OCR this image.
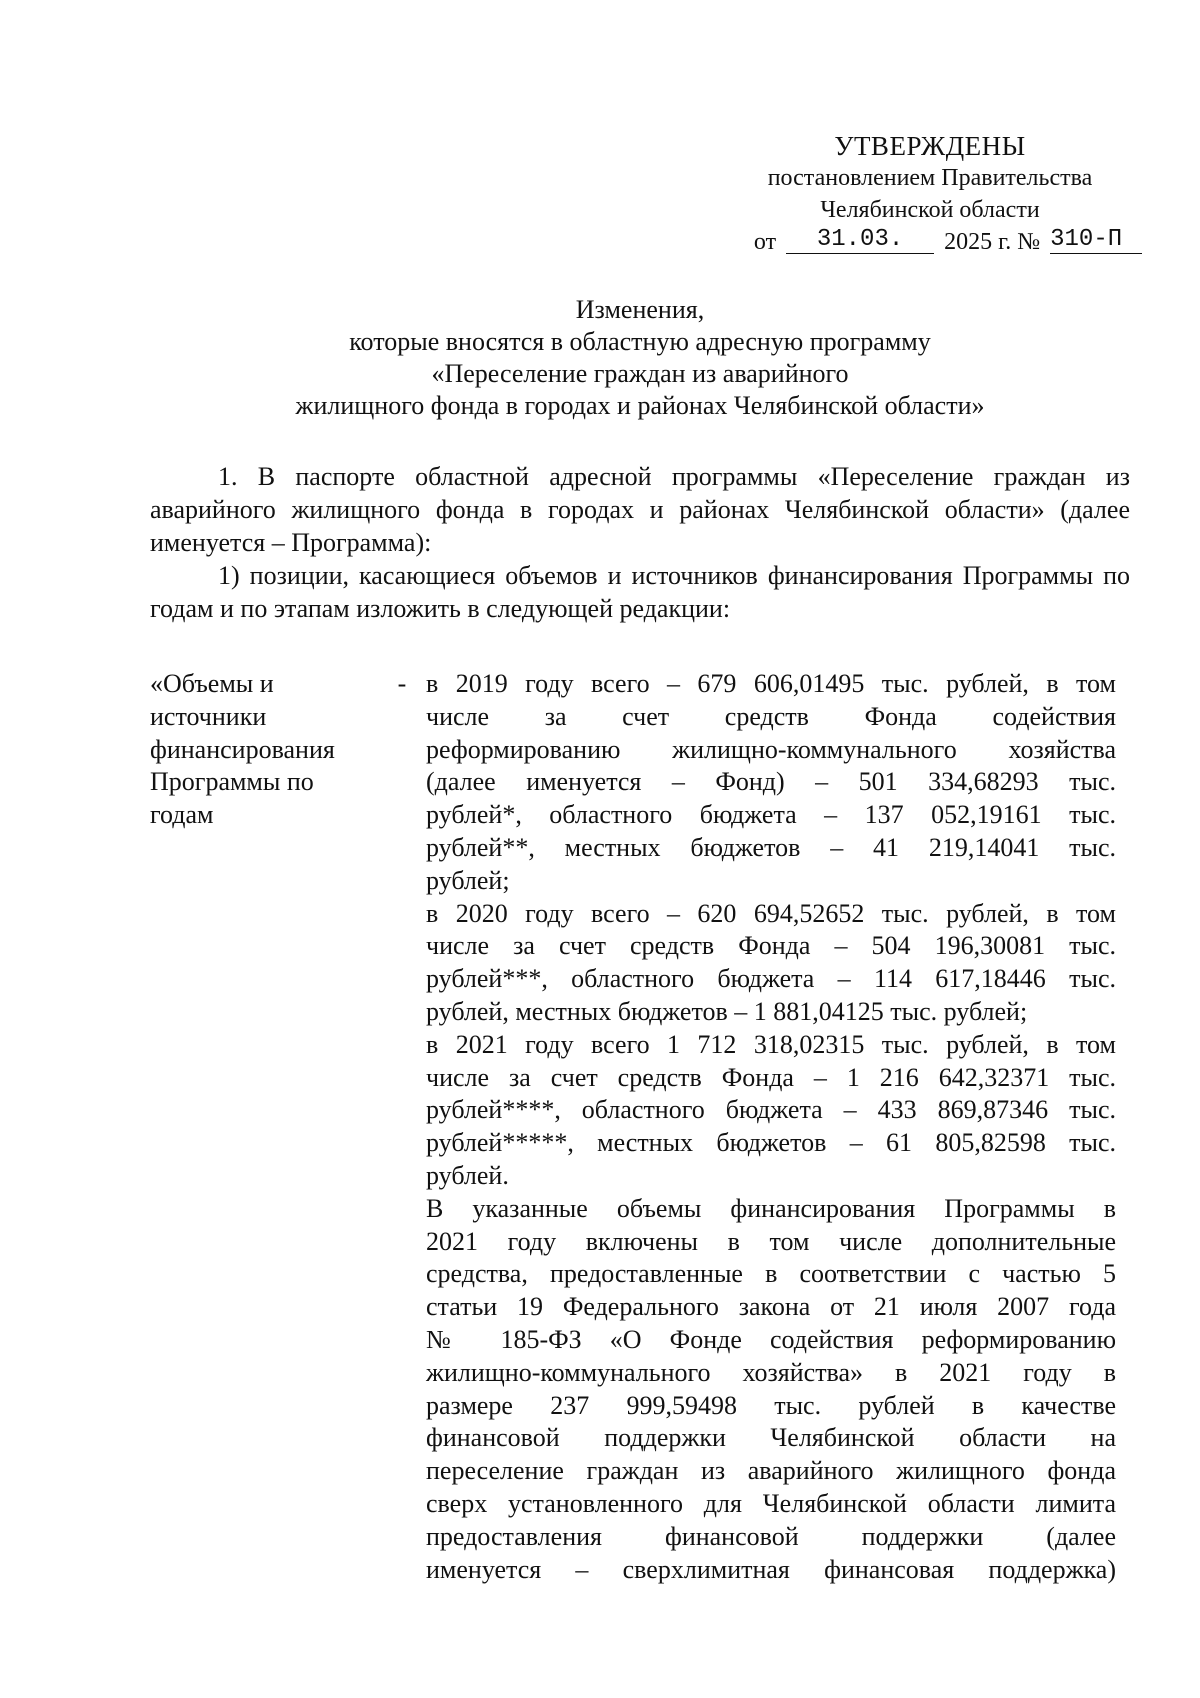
УТВЕРЖДЕНЫ
постановлением Правительства
Челябинской области
от 31.03. 2025 г. № 310-П
Изменения,
которые вносятся в областную адресную программу
«Переселение граждан из аварийного
жилищного фонда в городах и районах Челябинской области»

1. В паспорте областной адресной программы «Переселение граждан из аварийного жилищного фонда в городах и районах Челябинской области» (далее именуется – Программа):

1) позиции, касающиеся объемов и источников финансирования Программы по годам и по этапам изложить в следующей редакции:

«Объемы и
источники
финансирования
Программы по
годам
- в 2019 году всего – 679 606,01495 тыс. рублей, в том
числе за счет средств Фонда содействия
реформированию жилищно-коммунального хозяйства
(далее именуется – Фонд) – 501 334,68293 тыс.
рублей*, областного бюджета – 137 052,19161 тыс.
рублей**, местных бюджетов – 41 219,14041 тыс.
рублей;
в 2020 году всего – 620 694,52652 тыс. рублей, в том
числе за счет средств Фонда – 504 196,30081 тыс.
рублей***, областного бюджета – 114 617,18446 тыс.
рублей, местных бюджетов – 1 881,04125 тыс. рублей;
в 2021 году всего 1 712 318,02315 тыс. рублей, в том
числе за счет средств Фонда – 1 216 642,32371 тыс.
рублей****, областного бюджета – 433 869,87346 тыс.
рублей*****, местных бюджетов – 61 805,82598 тыс.
рублей.
В указанные объемы финансирования Программы в
2021 году включены в том числе дополнительные
средства, предоставленные в соответствии с частью 5
статьи 19 Федерального закона от 21 июля 2007 года
№ 185-ФЗ «О Фонде содействия реформированию
жилищно-коммунального хозяйства» в 2021 году в
размере 237 999,59498 тыс. рублей в качестве
финансовой поддержки Челябинской области на
переселение граждан из аварийного жилищного фонда
сверх установленного для Челябинской области лимита
предоставления финансовой поддержки (далее
именуется – сверхлимитная финансовая поддержка)
